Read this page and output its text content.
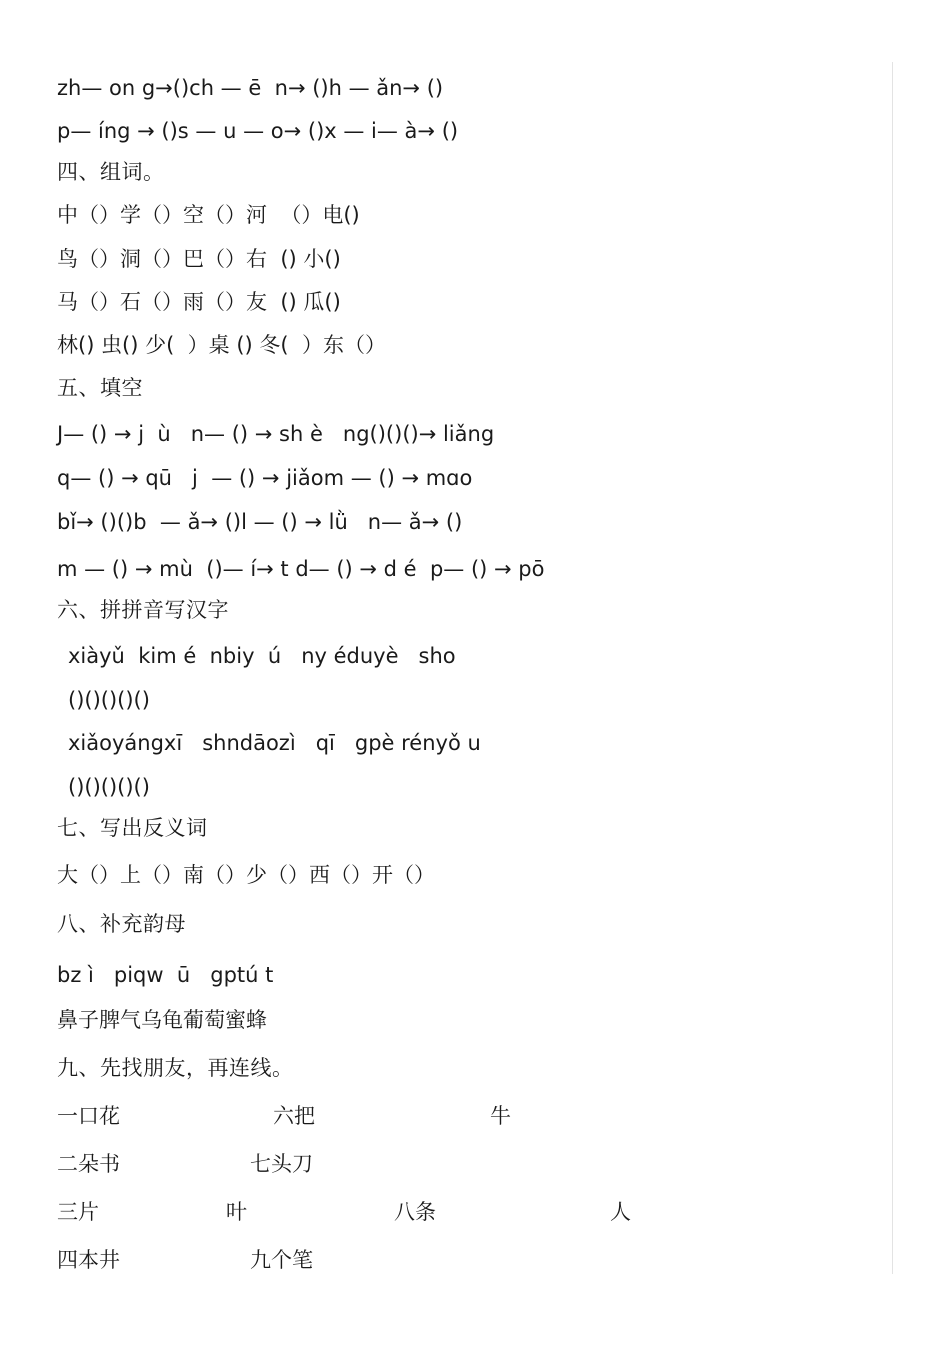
zh— on g→()ch — ē  n→ ()h — ǎn→ ()
p— íng → ()s — u — o→ ()x — i— à→ ()
四、组词。
中（）学（）空（）河  （）电()
鸟（）洞（）巴（）右  () 小()
马（）石（）雨（）友  () 瓜()
林() 虫() 少(  ）桌 () 冬(  ）东（）
五、填空
J— () → j  ù   n— () → sh è   ng()()()→ liǎng
q— () → qū   j  — () → jiǎom — () → mɑo
bǐ→ ()()b  — ǎ→ ()l — () → lǜ   n— ǎ→ ()
m — () → mù  ()— í→ t d— () → d é  p— () → pō
六、拼拼音写汉字
xiàyǔ  kim é  nbiy  ú   ny éduyè   sho
()()()()()
xiǎoyángxī   shndāozì   qī   gpè rényǒ u
()()()()()
七、写出反义词
大（）上（）南（）少（）西（）开（）
八、补充韵母
bz ì   piqw  ū   gptú t
鼻子脾气乌龟葡萄蜜蜂
九、先找朋友，再连线。
一口花	六把	牛
二朵书	七头刀
三片	叶	八条	人
四本井	九个笔
